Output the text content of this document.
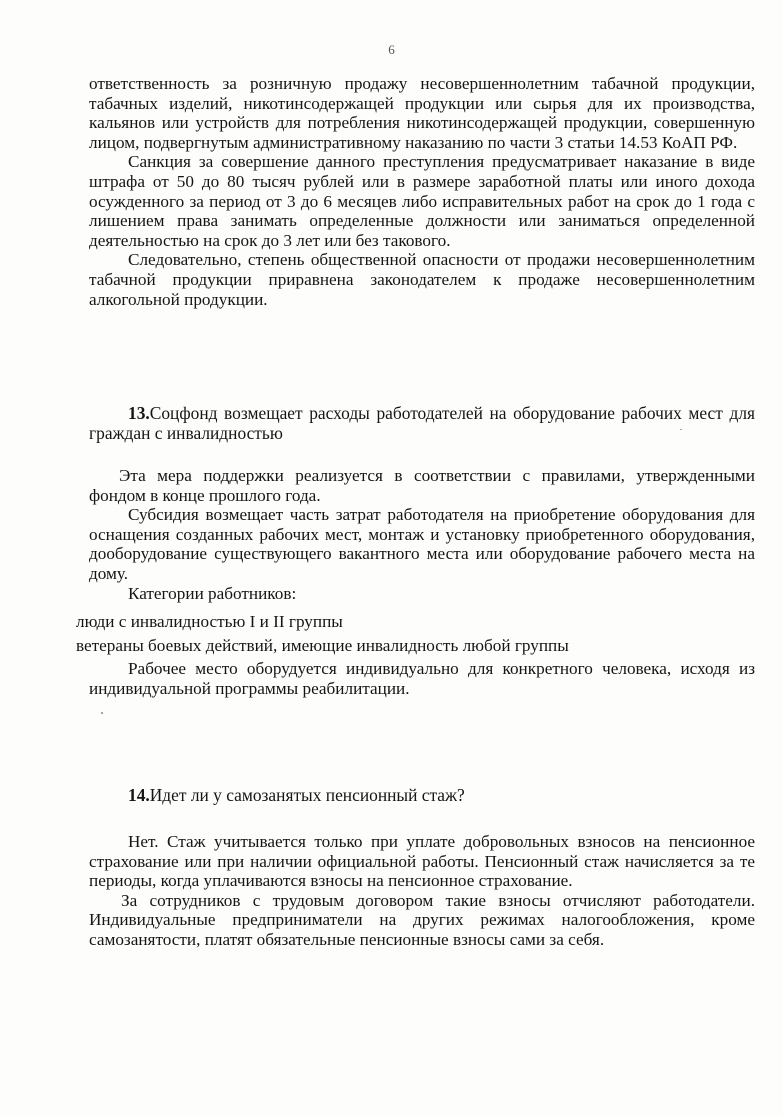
6

ответственность за розничную продажу несовершеннолетним табачной продукции, табачных изделий, никотинсодержащей продукции или сырья для их производства, кальянов или устройств для потребления никотинсодержащей продукции, совершенную лицом, подвергнутым административному наказанию по части 3 статьи 14.53 КоАП РФ.

Санкция за совершение данного преступления предусматривает наказание в виде штрафа от 50 до 80 тысяч рублей или в размере заработной платы или иного дохода осужденного за период от 3 до 6 месяцев либо исправительных работ на срок до 1 года с лишением права занимать определенные должности или заниматься определенной деятельностью на срок до 3 лет или без такового.

Следовательно, степень общественной опасности от продажи несовершеннолетним табачной продукции приравнена законодателем к продаже несовершеннолетним алкогольной продукции.

13.Соцфонд возмещает расходы работодателей на оборудование рабочих мест для граждан с инвалидностью

Эта мера поддержки реализуется в соответствии с правилами, утвержденными фондом в конце прошлого года.

Субсидия возмещает часть затрат работодателя на приобретение оборудования для оснащения созданных рабочих мест, монтаж и установку приобретенного оборудования, дооборудование существующего вакантного места или оборудование рабочего места на дому.

Категории работников:

люди с инвалидностью I и II группы

ветераны боевых действий, имеющие инвалидность любой группы

Рабочее место оборудуется индивидуально для конкретного человека, исходя из индивидуальной программы реабилитации.

14.Идет ли у самозанятых пенсионный стаж?

Нет. Стаж учитывается только при уплате добровольных взносов на пенсионное страхование или при наличии официальной работы. Пенсионный стаж начисляется за те периоды, когда уплачиваются взносы на пенсионное страхование.

За сотрудников с трудовым договором такие взносы отчисляют работодатели. Индивидуальные предприниматели на других режимах налогообложения, кроме самозанятости, платят обязательные пенсионные взносы сами за себя.
